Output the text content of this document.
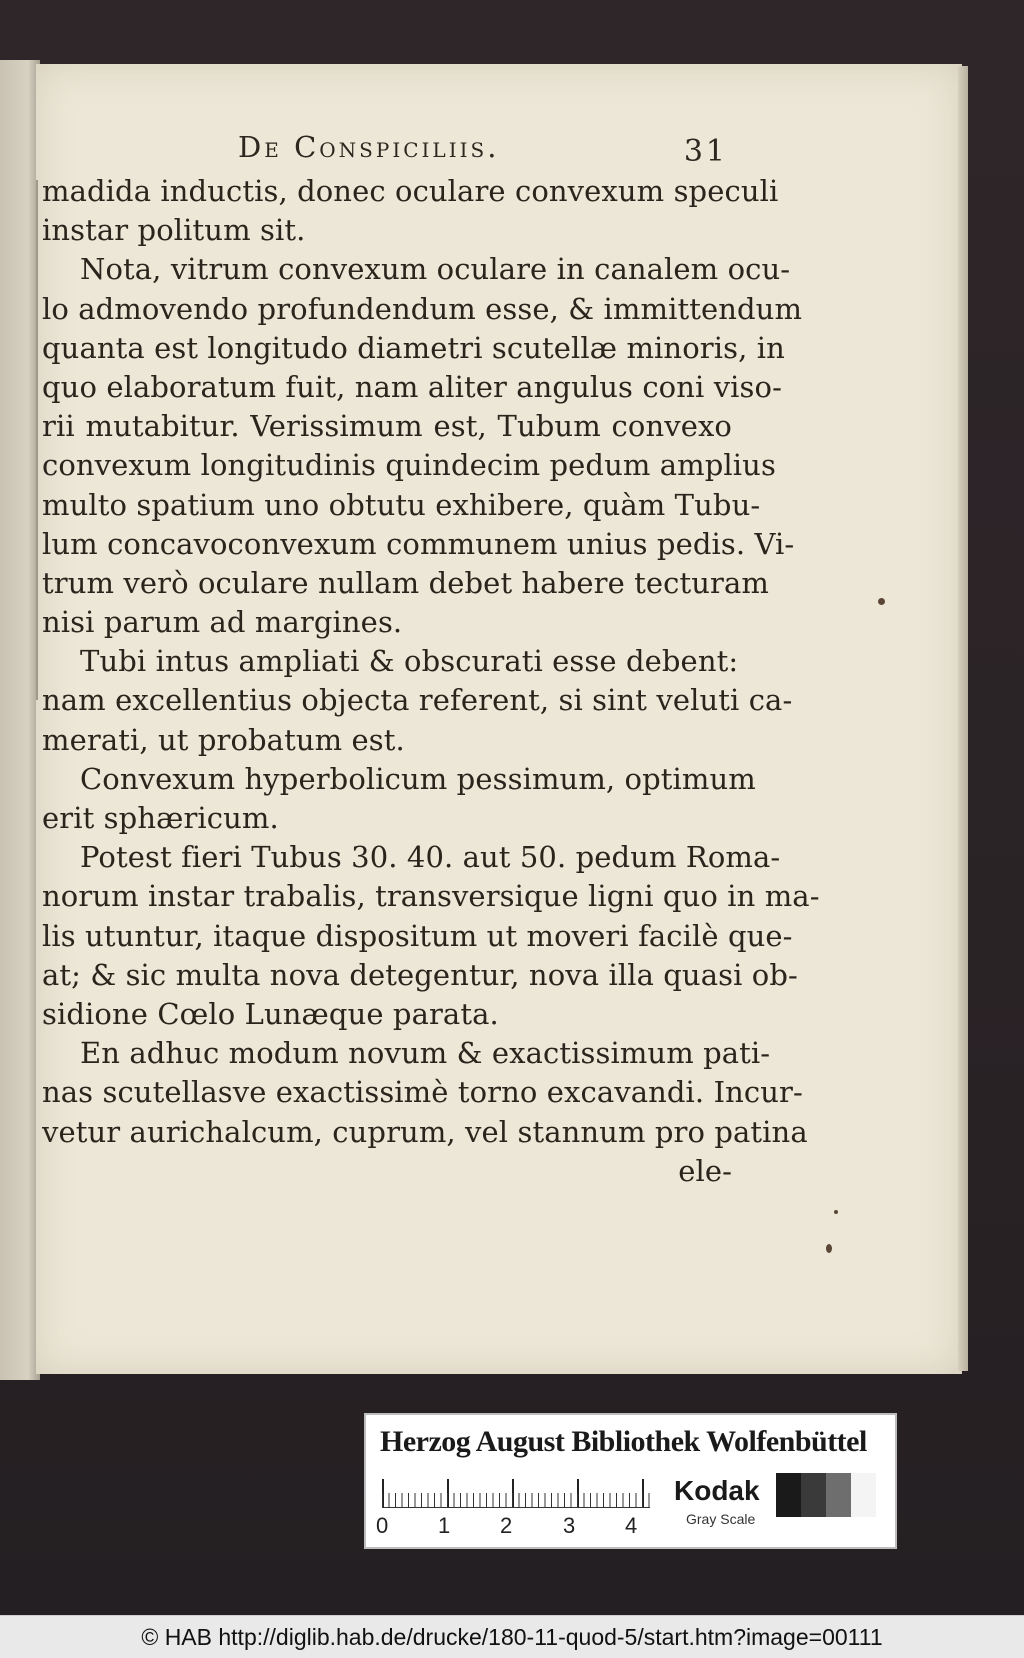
De Conspiciliis.	31
madida inductis, donec oculare convexum speculi
instar politum sit.
Nota, vitrum convexum oculare in canalem ocu-
lo admovendo profundendum esse, & immittendum
quanta est longitudo diametri scutellæ minoris, in
quo elaboratum fuit, nam aliter angulus coni viso-
rii mutabitur. Verissimum est, Tubum convexo
convexum longitudinis quindecim pedum amplius
multo spatium uno obtutu exhibere, quàm Tubu-
lum concavoconvexum communem unius pedis. Vi-
trum verò oculare nullam debet habere tecturam
nisi parum ad margines.
Tubi intus ampliati & obscurati esse debent:
nam excellentius objecta referent, si sint veluti ca-
merati, ut probatum est.
Convexum hyperbolicum pessimum, optimum
erit sphæricum.
Potest fieri Tubus 30. 40. aut 50. pedum Roma-
norum instar trabalis, transversique ligni quo in ma-
lis utuntur, itaque dispositum ut moveri facilè que-
at; & sic multa nova detegentur, nova illa quasi ob-
sidione Cœlo Lunæque parata.
En adhuc modum novum & exactissimum pati-
nas scutellasve exactissimè torno excavandi. Incur-
vetur aurichalcum, cuprum, vel stannum pro patina
ele-
Herzog August Bibliothek Wolfenbüttel
0 1 2 3 4
Kodak
Gray Scale
© HAB http://diglib.hab.de/drucke/180-11-quod-5/start.htm?image=00111
